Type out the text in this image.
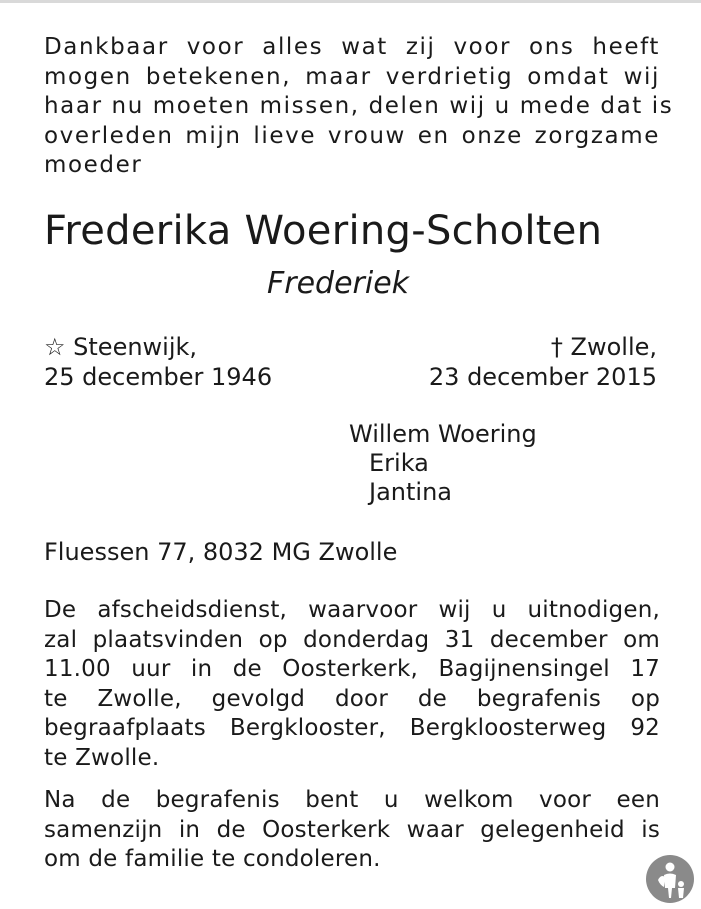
Dankbaar voor alles wat zij voor ons heeft
mogen betekenen, maar verdrietig omdat wij
haar nu moeten missen, delen wij u mede dat is
overleden mijn lieve vrouw en onze zorgzame
moeder
Frederika Woering-Scholten
Frederiek
☆ Steenwijk,
25 december 1946
† Zwolle,
23 december 2015
Willem Woering
Erika
Jantina
Fluessen 77, 8032 MG Zwolle
De afscheidsdienst, waarvoor wij u uitnodigen,
zal plaatsvinden op donderdag 31 december om
11.00 uur in de Oosterkerk, Bagijnensingel 17
te Zwolle, gevolgd door de begrafenis op
begraafplaats Bergklooster, Bergkloosterweg 92
te Zwolle.
Na de begrafenis bent u welkom voor een
samenzijn in de Oosterkerk waar gelegenheid is
om de familie te condoleren.
